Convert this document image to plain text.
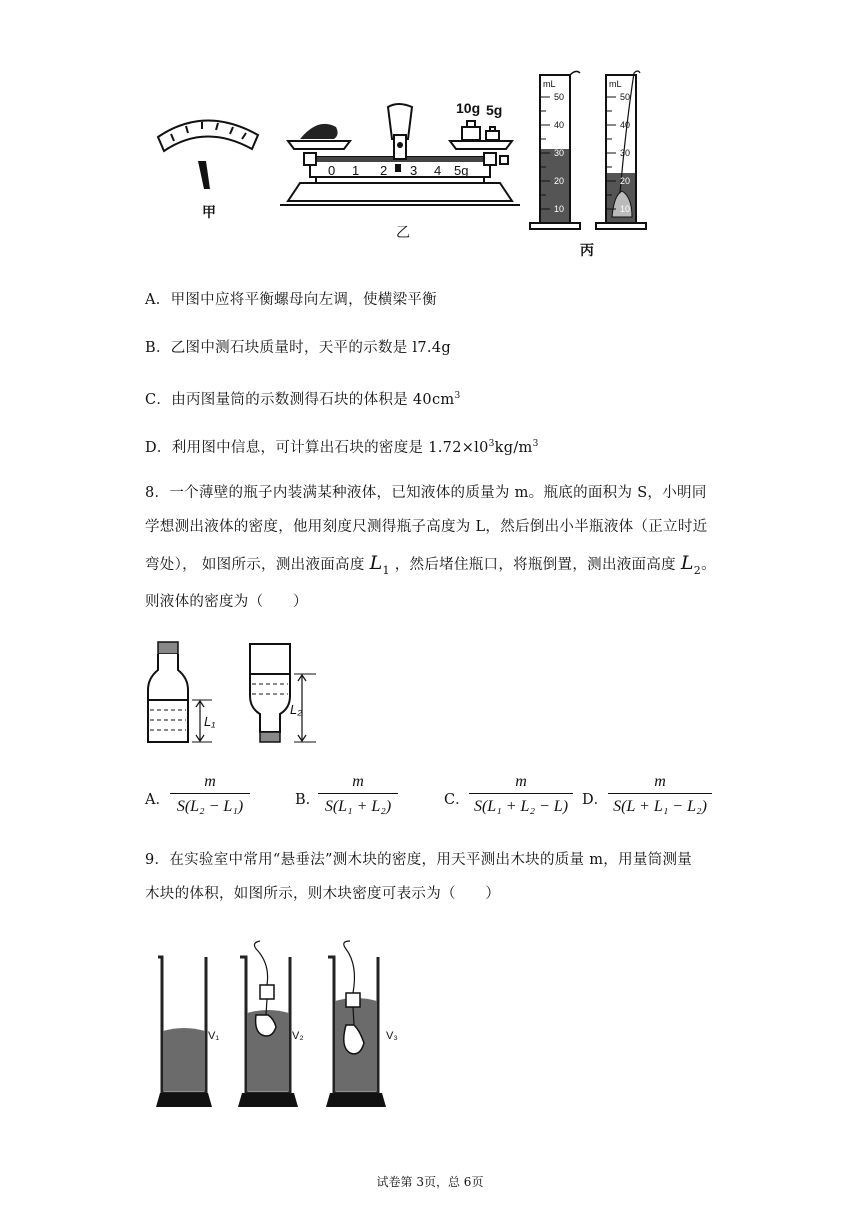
甲
0 1 2 3 4 5g
10g 5g
乙
mL
50
40
30
20
10
mL
50
40
30
20
10
丙
A．甲图中应将平衡螺母向左调，使横梁平衡
B．乙图中测石块质量时，天平的示数是 l7.4g
C．由丙图量筒的示数测得石块的体积是 $40cm^3$
D．利用图中信息，可计算出石块的密度是 $1.72\times l0^3kg/m^3$
8．一个薄壁的瓶子内装满某种液体，已知液体的质量为 m。瓶底的面积为 S，小明同
学想测出液体的密度，他用刻度尺测得瓶子高度为 L，然后倒出小半瓶液体（正立时近
弯处）， 如图所示，测出液面高度 $L_1$ ，然后堵住瓶口，将瓶倒置，测出液面高度 $L_2$。
则液体的密度为（　　）
L₁
L₂
A．
m
S(L₂ − L₁)	B．
m
S(L₁ + L₂)	C．
m
S(L₁ + L₂ − L) D．
m
S(L + L₁ − L₂)
9．在实验室中常用“悬垂法”测木块的密度，用天平测出木块的质量 m，用量筒测量
木块的体积，如图所示，则木块密度可表示为（　　）
V₁	V₂	V₃
试卷第 3页，总 6页
